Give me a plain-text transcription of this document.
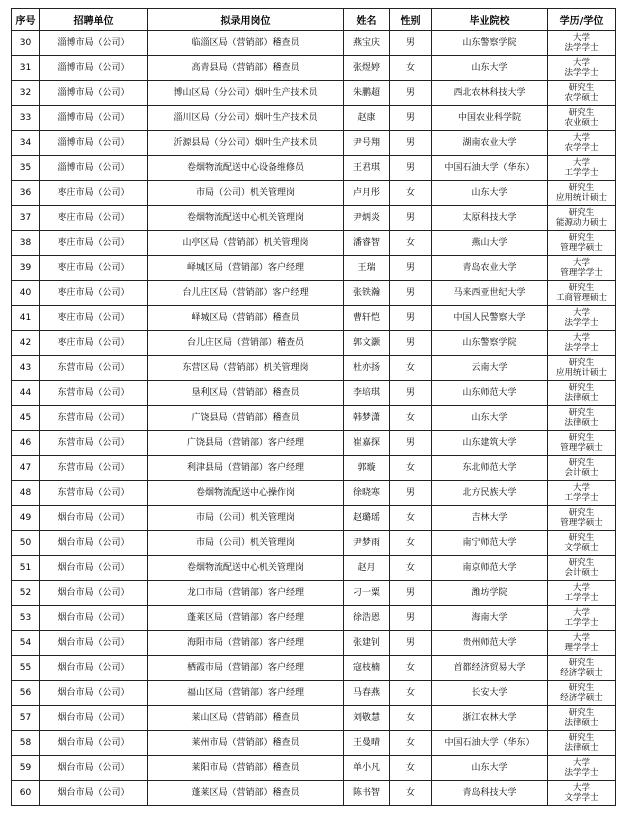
序号	招聘单位	拟录用岗位	姓名	性别	毕业院校	学历/学位
30	淄博市局（公司）	临淄区局（营销部）稽查员	燕宝庆	男	山东警察学院	大学
法学学士

31	淄博市局（公司）	高青县局（营销部）稽查员	张煜婷	女	山东大学	大学
法学学士

32	淄博市局（公司）	博山区局（分公司）烟叶生产技术员	朱鹏超	男	西北农林科技大学	研究生
农学硕士

33	淄博市局（公司）	淄川区局（分公司）烟叶生产技术员	赵康	男	中国农业科学院	研究生
农业硕士

34	淄博市局（公司）	沂源县局（分公司）烟叶生产技术员	尹号翔	男	湖南农业大学	大学
农学学士

35	淄博市局（公司）	卷烟物流配送中心设备维修员	王君琪	男	中国石油大学（华东）	大学
工学学士

36	枣庄市局（公司）	市局（公司）机关管理岗	卢月彤	女	山东大学	研究生
应用统计硕士

37	枣庄市局（公司）	卷烟物流配送中心机关管理岗	尹炳炎	男	太原科技大学	研究生
能源动力硕士

38	枣庄市局（公司）	山亭区局（营销部）机关管理岗	潘睿智	女	燕山大学	研究生
管理学硕士

39	枣庄市局（公司）	峄城区局（营销部）客户经理	王瑞	男	青岛农业大学	大学
管理学学士

40	枣庄市局（公司）	台儿庄区局（营销部）客户经理	张铁瀚	男	马来西亚世纪大学	研究生
工商管理硕士

41	枣庄市局（公司）	峄城区局（营销部）稽查员	曹轩恺	男	中国人民警察大学	大学
法学学士

42	枣庄市局（公司）	台儿庄区局（营销部）稽查员	郭文灏	男	山东警察学院	大学
法学学士

43	东营市局（公司）	东营区局（营销部）机关管理岗	杜亦扬	女	云南大学	研究生
应用统计硕士

44	东营市局（公司）	垦利区局（营销部）稽查员	李培琪	男	山东师范大学	研究生
法律硕士

45	东营市局（公司）	广饶县局（营销部）稽查员	韩梦潇	女	山东大学	研究生
法律硕士

46	东营市局（公司）	广饶县局（营销部）客户经理	崔嘉探	男	山东建筑大学	研究生
管理学硕士

47	东营市局（公司）	利津县局（营销部）客户经理	郭璇	女	东北师范大学	研究生
会计硕士

48	东营市局（公司）	卷烟物流配送中心操作岗	徐晓寒	男	北方民族大学	大学
工学学士

49	烟台市局（公司）	市局（公司）机关管理岗	赵璐瑶	女	吉林大学	研究生
管理学硕士

50	烟台市局（公司）	市局（公司）机关管理岗	尹梦雨	女	南宁师范大学	研究生
文学硕士

51	烟台市局（公司）	卷烟物流配送中心机关管理岗	赵月	女	南京师范大学	研究生
会计硕士

52	烟台市局（公司）	龙口市局（营销部）客户经理	刁一粟	男	潍坊学院	大学
工学学士

53	烟台市局（公司）	蓬莱区局（营销部）客户经理	徐浩恩	男	海南大学	大学
工学学士

54	烟台市局（公司）	海阳市局（营销部）客户经理	张建钊	男	贵州师范大学	大学
理学学士

55	烟台市局（公司）	栖霞市局（营销部）客户经理	寇枝楠	女	首都经济贸易大学	研究生
经济学硕士

56	烟台市局（公司）	福山区局（营销部）客户经理	马春燕	女	长安大学	研究生
经济学硕士

57	烟台市局（公司）	莱山区局（营销部）稽查员	刘敬慧	女	浙江农林大学	研究生
法律硕士

58	烟台市局（公司）	莱州市局（营销部）稽查员	王曼晴	女	中国石油大学（华东）	研究生
法律硕士

59	烟台市局（公司）	莱阳市局（营销部）稽查员	单小凡	女	山东大学	大学
法学学士

60	烟台市局（公司）	蓬莱区局（营销部）稽查员	陈书智	女	青岛科技大学	大学
文学学士
